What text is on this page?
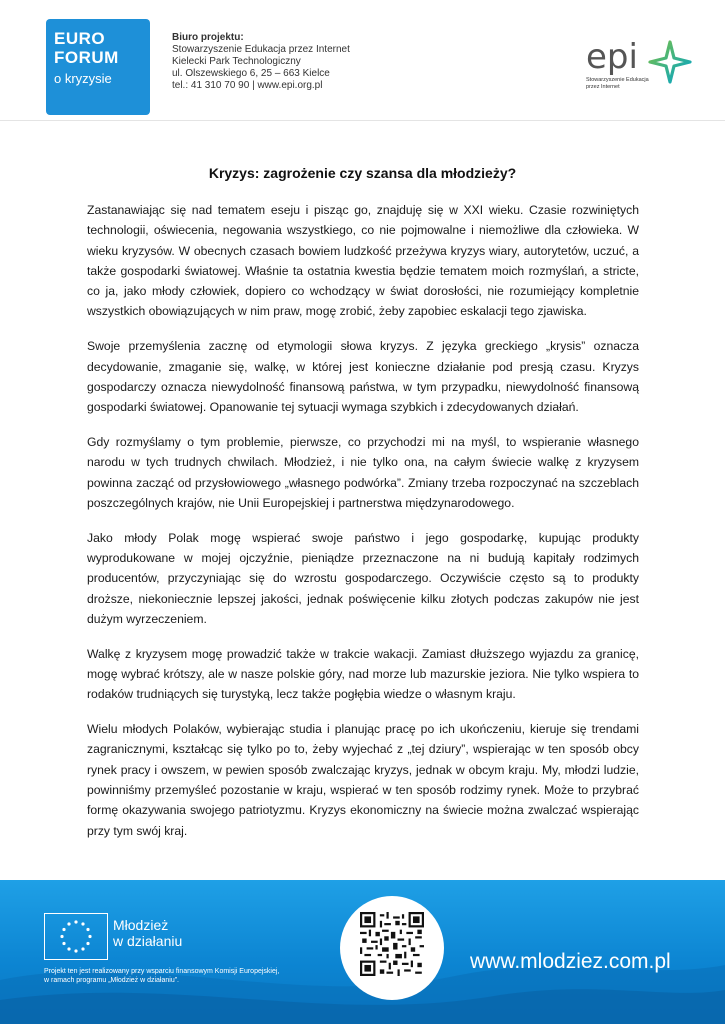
EURO
FORUM
o kryzysie
Biuro projektu:
Stowarzyszenie Edukacja przez Internet
Kielecki Park Technologiczny
ul. Olszewskiego 6, 25 – 663 Kielce
tel.: 41 310 70 90 | www.epi.org.pl
epi
Stowarzyszenie Edukacja przez Internet
Kryzys: zagrożenie czy szansa dla młodzieży?

Zastanawiając się nad tematem eseju i pisząc go, znajduję się w XXI wieku. Czasie rozwiniętych technologii, oświecenia, negowania wszystkiego, co nie pojmowalne i niemożliwe dla człowieka. W wieku kryzysów. W obecnych czasach bowiem ludzkość przeżywa kryzys wiary, autorytetów, uczuć, a także gospodarki światowej. Właśnie ta ostatnia kwestia będzie tematem moich rozmyślań, a stricte, co ja, jako młody człowiek, dopiero co wchodzący w świat dorosłości, nie rozumiejący kompletnie wszystkich obowiązujących w nim praw, mogę zrobić, żeby zapobiec eskalacji tego zjawiska.

Swoje przemyślenia zacznę od etymologii słowa kryzys. Z języka greckiego „krysis” oznacza decydowanie, zmaganie się, walkę, w której jest konieczne działanie pod presją czasu. Kryzys gospodarczy oznacza niewydolność finansową państwa, w tym przypadku, niewydolność finansową gospodarki światowej. Opanowanie tej sytuacji wymaga szybkich i zdecydowanych działań.

Gdy rozmyślamy o tym problemie, pierwsze, co przychodzi mi na myśl, to wspieranie własnego narodu w tych trudnych chwilach. Młodzież, i nie tylko ona, na całym świecie walkę z kryzysem powinna zacząć od przysłowiowego „własnego podwórka”. Zmiany trzeba rozpoczynać na szczeblach poszczególnych krajów, nie Unii Europejskiej i partnerstwa międzynarodowego.

Jako młody Polak mogę wspierać swoje państwo i jego gospodarkę, kupując produkty wyprodukowane w mojej ojczyźnie, pieniądze przeznaczone na ni budują kapitały rodzimych producentów, przyczyniając się do wzrostu gospodarczego. Oczywiście często są to produkty droższe, niekoniecznie lepszej jakości, jednak poświęcenie kilku złotych podczas zakupów nie jest dużym wyrzeczeniem.

Walkę z kryzysem mogę prowadzić także w trakcie wakacji. Zamiast dłuższego wyjazdu za granicę, mogę wybrać krótszy, ale w nasze polskie góry, nad morze lub mazurskie jeziora. Nie tylko wspiera to rodaków trudniących się turystyką, lecz także pogłębia wiedze o własnym kraju.

Wielu młodych Polaków, wybierając studia i planując pracę po ich ukończeniu, kieruje się trendami zagranicznymi, kształcąc się tylko po to, żeby wyjechać z „tej dziury”, wspierając w ten sposób obcy rynek pracy i owszem, w pewien sposób zwalczając kryzys, jednak w obcym kraju. My, młodzi ludzie, powinniśmy przemyśleć pozostanie w kraju, wspierać w ten sposób rodzimy rynek. Może to przybrać formę okazywania swojego patriotyzmu. Kryzys ekonomiczny na świecie można zwalczać wspierając przy tym swój kraj.

Młodzież
w działaniu
Projekt ten jest realizowany przy wsparciu finansowym Komisji Europejskiej,
w ramach programu „Młodzież w działaniu”.
www.mlodziez.com.pl
